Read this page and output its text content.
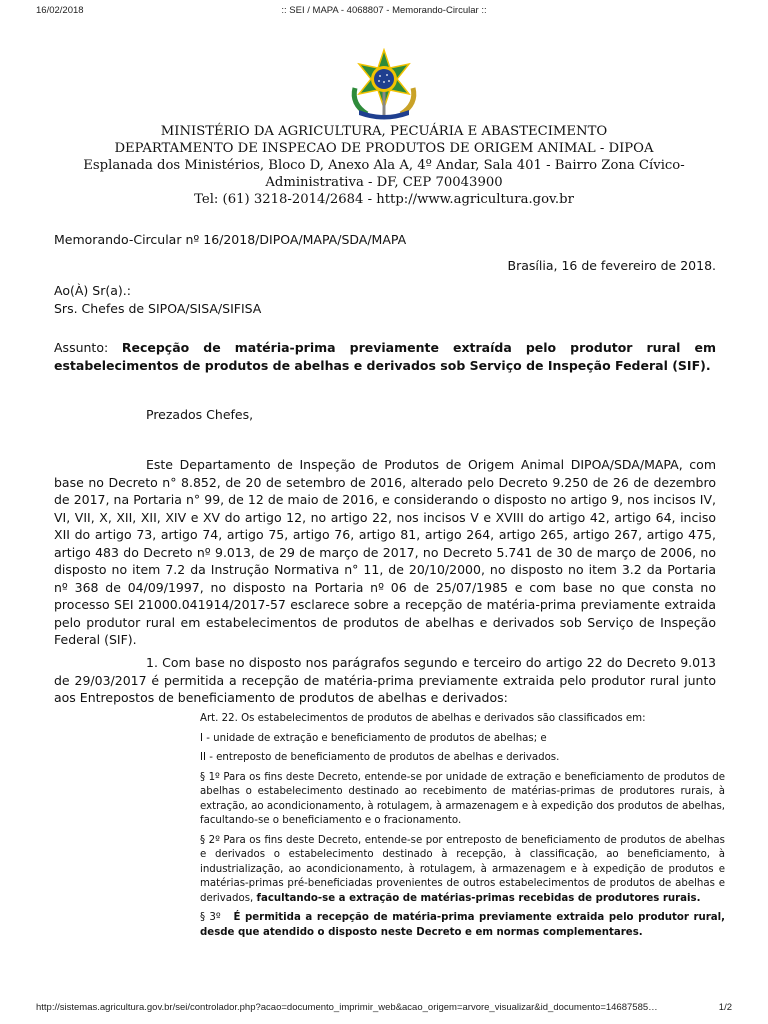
16/02/2018	:: SEI / MAPA - 4068807 - Memorando-Circular ::
MINISTÉRIO DA AGRICULTURA, PECUÁRIA E ABASTECIMENTO
DEPARTAMENTO DE INSPECAO DE PRODUTOS DE ORIGEM ANIMAL - DIPOA
Esplanada dos Ministérios, Bloco D, Anexo Ala A, 4º Andar, Sala 401 - Bairro Zona Cívico-Administrativa - DF, CEP 70043900
Tel: (61) 3218-2014/2684 - http://www.agricultura.gov.br
Memorando-Circular nº 16/2018/DIPOA/MAPA/SDA/MAPA
Brasília, 16 de fevereiro de 2018.
Ao(À) Sr(a).:
Srs. Chefes de SIPOA/SISA/SIFISA
Assunto: Recepção de matéria-prima previamente extraída pelo produtor rural em estabelecimentos de produtos de abelhas e derivados sob Serviço de Inspeção Federal (SIF).
Prezados Chefes,
Este Departamento de Inspeção de Produtos de Origem Animal DIPOA/SDA/MAPA, com base no Decreto n° 8.852, de 20 de setembro de 2016, alterado pelo Decreto 9.250 de 26 de dezembro de 2017, na Portaria n° 99, de 12 de maio de 2016, e considerando o disposto no artigo 9, nos incisos IV, VI, VII, X, XII, XII, XIV e XV do artigo 12, no artigo 22, nos incisos V e XVIII do artigo 42, artigo 64, inciso XII do artigo 73, artigo 74, artigo 75, artigo 76, artigo 81, artigo 264, artigo 265, artigo 267, artigo 475, artigo 483 do Decreto nº 9.013, de 29 de março de 2017, no Decreto 5.741 de 30 de março de 2006, no disposto no item 7.2 da Instrução Normativa n° 11, de 20/10/2000, no disposto no item 3.2 da Portaria nº 368 de 04/09/1997, no disposto na Portaria nº 06 de 25/07/1985 e com base no que consta no processo SEI 21000.041914/2017-57 esclarece sobre a recepção de matéria-prima previamente extraida pelo produtor rural em estabelecimentos de produtos de abelhas e derivados sob Serviço de Inspeção Federal (SIF).
1. Com base no disposto nos parágrafos segundo e terceiro do artigo 22 do Decreto 9.013 de 29/03/2017 é permitida a recepção de matéria-prima previamente extraida pelo produtor rural junto aos Entrepostos de beneficiamento de produtos de abelhas e derivados:

Art. 22. Os estabelecimentos de produtos de abelhas e derivados são classificados em:

I - unidade de extração e beneficiamento de produtos de abelhas; e

II - entreposto de beneficiamento de produtos de abelhas e derivados.

§ 1º Para os fins deste Decreto, entende-se por unidade de extração e beneficiamento de produtos de abelhas o estabelecimento destinado ao recebimento de matérias-primas de produtores rurais, à extração, ao acondicionamento, à rotulagem, à armazenagem e à expedição dos produtos de abelhas, facultando-se o beneficiamento e o fracionamento.

§ 2º Para os fins deste Decreto, entende-se por entreposto de beneficiamento de produtos de abelhas e derivados o estabelecimento destinado à recepção, à classificação, ao beneficiamento, à industrialização, ao acondicionamento, à rotulagem, à armazenagem e à expedição de produtos e matérias-primas pré-beneficiadas provenientes de outros estabelecimentos de produtos de abelhas e derivados, facultando-se a extração de matérias-primas recebidas de produtores rurais.

§ 3º É permitida a recepção de matéria-prima previamente extraida pelo produtor rural, desde que atendido o disposto neste Decreto e em normas complementares.

http://sistemas.agricultura.gov.br/sei/controlador.php?acao=documento_imprimir_web&acao_origem=arvore_visualizar&id_documento=14687585…	1/2
